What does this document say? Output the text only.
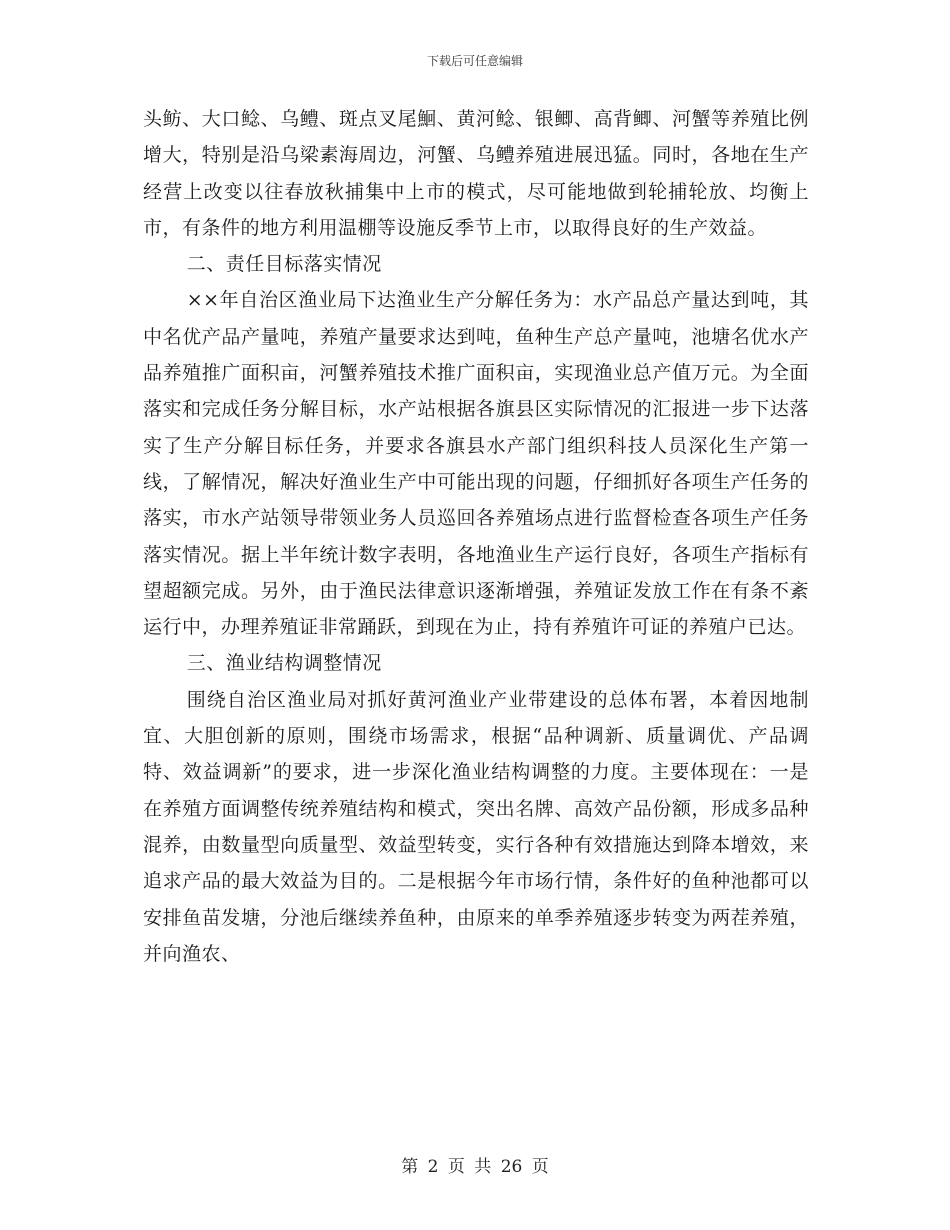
下载后可任意编辑

头鲂、大口鲶、乌鳢、斑点叉尾鮰、黄河鲶、银鲫、高背鲫、河蟹等养殖比例增大，特别是沿乌梁素海周边，河蟹、乌鳢养殖进展迅猛。同时，各地在生产经营上改变以往春放秋捕集中上市的模式，尽可能地做到轮捕轮放、均衡上市，有条件的地方利用温棚等设施反季节上市，以取得良好的生产效益。

二、责任目标落实情况

××年自治区渔业局下达渔业生产分解任务为：水产品总产量达到吨，其中名优产品产量吨，养殖产量要求达到吨，鱼种生产总产量吨，池塘名优水产品养殖推广面积亩，河蟹养殖技术推广面积亩，实现渔业总产值万元。为全面落实和完成任务分解目标，水产站根据各旗县区实际情况的汇报进一步下达落实了生产分解目标任务，并要求各旗县水产部门组织科技人员深化生产第一线，了解情况，解决好渔业生产中可能出现的问题，仔细抓好各项生产任务的落实，市水产站领导带领业务人员巡回各养殖场点进行监督检查各项生产任务落实情况。据上半年统计数字表明，各地渔业生产运行良好，各项生产指标有望超额完成。另外，由于渔民法律意识逐渐增强，养殖证发放工作在有条不紊运行中，办理养殖证非常踊跃，到现在为止，持有养殖许可证的养殖户已达。

三、渔业结构调整情况

围绕自治区渔业局对抓好黄河渔业产业带建设的总体布署，本着因地制宜、大胆创新的原则，围绕市场需求，根据“品种调新、质量调优、产品调特、效益调新”的要求，进一步深化渔业结构调整的力度。主要体现在：一是在养殖方面调整传统养殖结构和模式，突出名牌、高效产品份额，形成多品种混养，由数量型向质量型、效益型转变，实行各种有效措施达到降本增效，来追求产品的最大效益为目的。二是根据今年市场行情，条件好的鱼种池都可以安排鱼苗发塘，分池后继续养鱼种，由原来的单季养殖逐步转变为两茬养殖，并向渔农、

第 2 页 共 26 页
